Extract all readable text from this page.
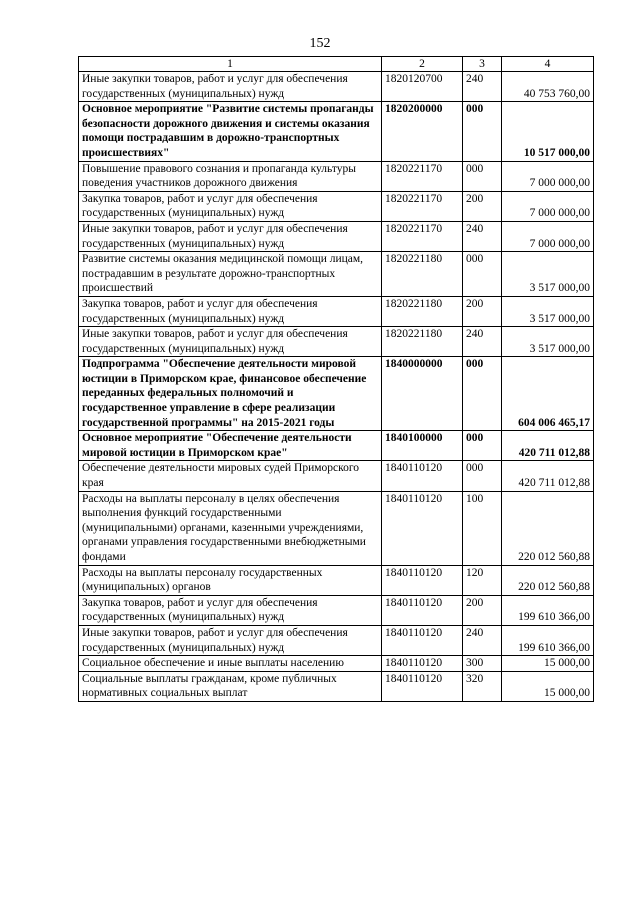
152
1	2	3	4
Иные закупки товаров, работ и услуг для обеспечения государственных (муниципальных) нужд	1820120700	240	40 753 760,00
Основное мероприятие "Развитие системы пропаганды безопасности дорожного движения и системы оказания помощи пострадавшим в дорожно-транспортных происшествиях"	1820200000	000	10 517 000,00
Повышение правового сознания и пропаганда культуры поведения участников дорожного движения	1820221170	000	7 000 000,00
Закупка товаров, работ и услуг для обеспечения государственных (муниципальных) нужд	1820221170	200	7 000 000,00
Иные закупки товаров, работ и услуг для обеспечения государственных (муниципальных) нужд	1820221170	240	7 000 000,00
Развитие системы оказания медицинской помощи лицам, пострадавшим в результате дорожно-транспортных происшествий	1820221180	000	3 517 000,00
Закупка товаров, работ и услуг для обеспечения государственных (муниципальных) нужд	1820221180	200	3 517 000,00
Иные закупки товаров, работ и услуг для обеспечения государственных (муниципальных) нужд	1820221180	240	3 517 000,00
Подпрограмма "Обеспечение деятельности мировой юстиции в Приморском крае, финансовое обеспечение переданных федеральных полномочий и государственное управление в сфере реализации государственной программы" на 2015-2021 годы	1840000000	000	604 006 465,17
Основное мероприятие "Обеспечение деятельности мировой юстиции в Приморском крае"	1840100000	000	420 711 012,88
Обеспечение деятельности мировых судей Приморского края	1840110120	000	420 711 012,88
Расходы на выплаты персоналу в целях обеспечения выполнения функций государственными (муниципальными) органами, казенными учреждениями, органами управления государственными внебюджетными фондами	1840110120	100	220 012 560,88
Расходы на выплаты персоналу государственных (муниципальных) органов	1840110120	120	220 012 560,88
Закупка товаров, работ и услуг для обеспечения государственных (муниципальных) нужд	1840110120	200	199 610 366,00
Иные закупки товаров, работ и услуг для обеспечения государственных (муниципальных) нужд	1840110120	240	199 610 366,00
Социальное обеспечение и иные выплаты населению	1840110120	300	15 000,00
Социальные выплаты гражданам, кроме публичных нормативных социальных выплат	1840110120	320	15 000,00
